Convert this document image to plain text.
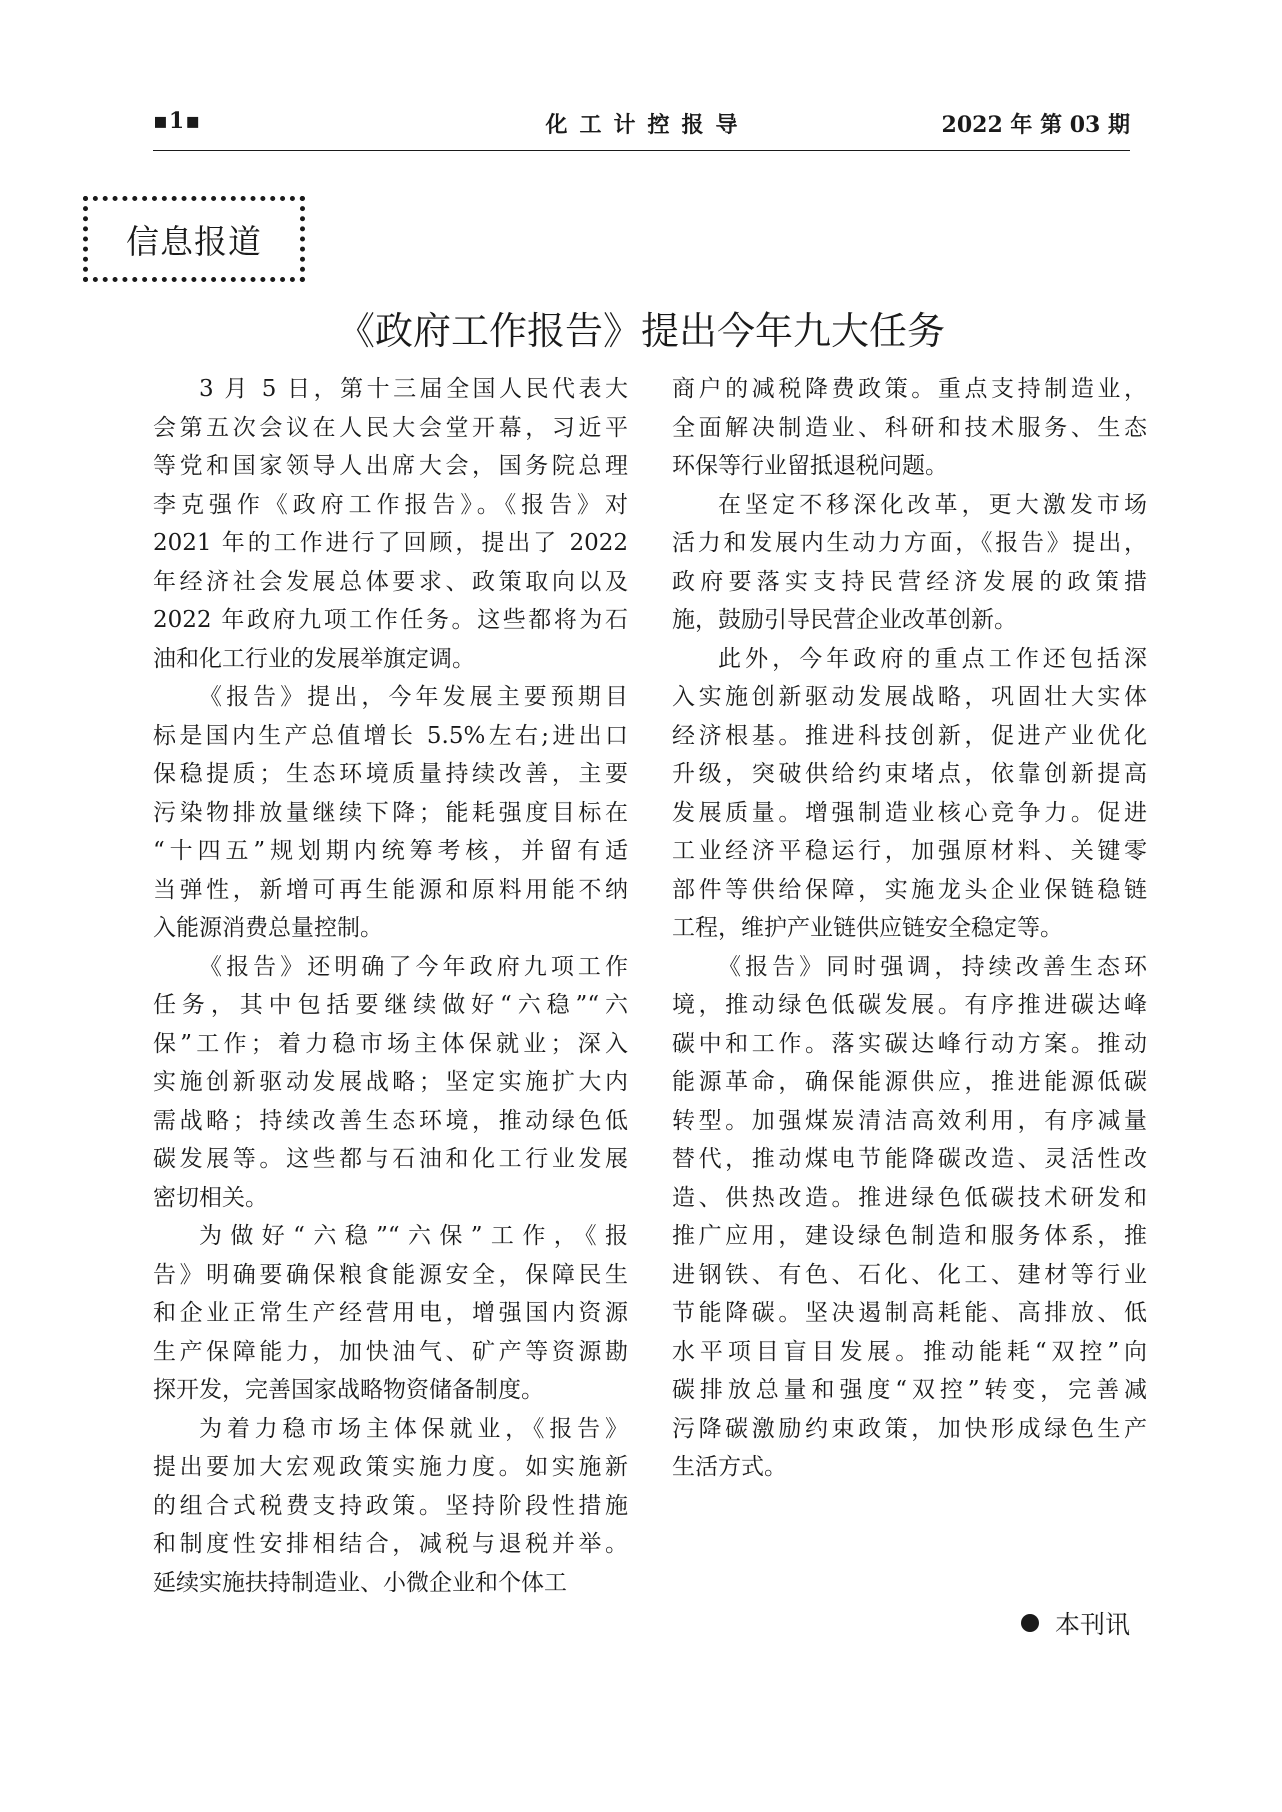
▪1▪	化工计控报导	2022 年 第 03 期
信息报道
《政府工作报告》提出今年九大任务

3 月 5 日，第十三届全国人民代表大
会第五次会议在人民大会堂开幕，习近平
等党和国家领导人出席大会，国务院总理
李克强作《政府工作报告》。《报告》对
2021 年的工作进行了回顾，提出了 2022
年经济社会发展总体要求、政策取向以及
2022 年政府九项工作任务。这些都将为石
油和化工行业的发展举旗定调。

《报告》提出，今年发展主要预期目
标是国内生产总值增长 5.5%左右;进出口
保稳提质；生态环境质量持续改善，主要
污染物排放量继续下降；能耗强度目标在
“十四五”规划期内统筹考核，并留有适
当弹性，新增可再生能源和原料用能不纳
入能源消费总量控制。

《报告》还明确了今年政府九项工作
任务，其中包括要继续做好“六稳”“六
保”工作；着力稳市场主体保就业；深入
实施创新驱动发展战略；坚定实施扩大内
需战略；持续改善生态环境，推动绿色低
碳发展等。这些都与石油和化工行业发展
密切相关。

为做好“六稳”“六保”工作，《报
告》明确要确保粮食能源安全，保障民生
和企业正常生产经营用电，增强国内资源
生产保障能力，加快油气、矿产等资源勘
探开发，完善国家战略物资储备制度。

为着力稳市场主体保就业，《报告》
提出要加大宏观政策实施力度。如实施新
的组合式税费支持政策。坚持阶段性措施
和制度性安排相结合，减税与退税并举。
延续实施扶持制造业、小微企业和个体工

商户的减税降费政策。重点支持制造业，
全面解决制造业、科研和技术服务、生态
环保等行业留抵退税问题。

在坚定不移深化改革，更大激发市场
活力和发展内生动力方面，《报告》提出，
政府要落实支持民营经济发展的政策措
施，鼓励引导民营企业改革创新。

此外，今年政府的重点工作还包括深
入实施创新驱动发展战略，巩固壮大实体
经济根基。推进科技创新，促进产业优化
升级，突破供给约束堵点，依靠创新提高
发展质量。增强制造业核心竞争力。促进
工业经济平稳运行，加强原材料、关键零
部件等供给保障，实施龙头企业保链稳链
工程，维护产业链供应链安全稳定等。

《报告》同时强调，持续改善生态环
境，推动绿色低碳发展。有序推进碳达峰
碳中和工作。落实碳达峰行动方案。推动
能源革命，确保能源供应，推进能源低碳
转型。加强煤炭清洁高效利用，有序减量
替代，推动煤电节能降碳改造、灵活性改
造、供热改造。推进绿色低碳技术研发和
推广应用，建设绿色制造和服务体系，推
进钢铁、有色、石化、化工、建材等行业
节能降碳。坚决遏制高耗能、高排放、低
水平项目盲目发展。推动能耗“双控”向
碳排放总量和强度“双控”转变，完善减
污降碳激励约束政策，加快形成绿色生产
生活方式。

本刊讯
